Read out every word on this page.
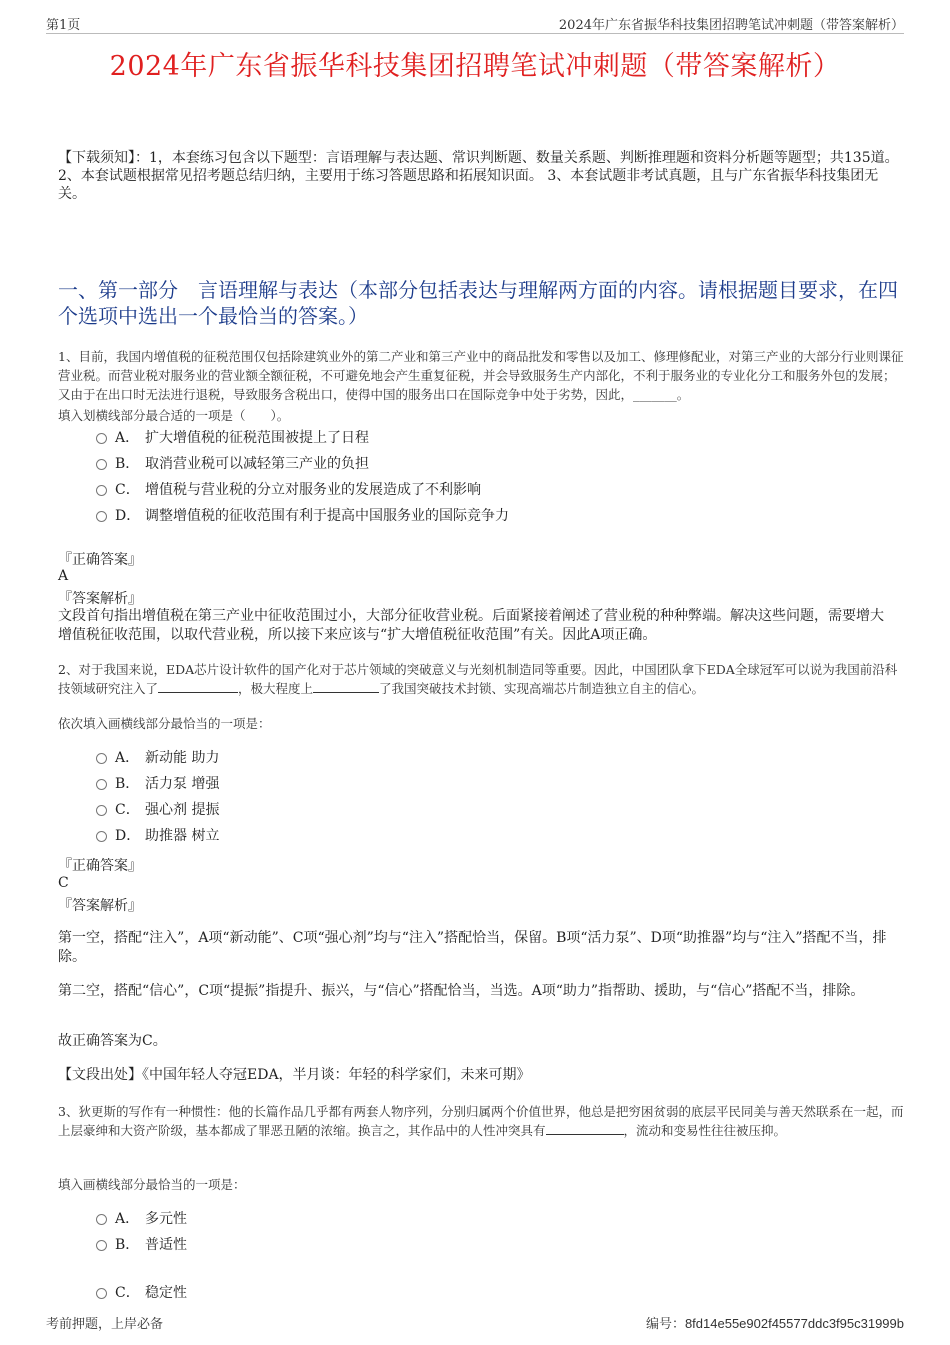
第1页	2024年广东省振华科技集团招聘笔试冲刺题（带答案解析）
2024年广东省振华科技集团招聘笔试冲刺题（带答案解析）
【下载须知】：1，本套练习包含以下题型：言语理解与表达题、常识判断题、数量关系题、判断推理题和资料分析题等题型；共135道。 2、本套试题根据常见招考题总结归纳，主要用于练习答题思路和拓展知识面。 3、本套试题非考试真题，且与广东省振华科技集团无关。
一、第一部分　言语理解与表达（本部分包括表达与理解两方面的内容。请根据题目要求，在四个选项中选出一个最恰当的答案。）
1、目前，我国内增值税的征税范围仅包括除建筑业外的第二产业和第三产业中的商品批发和零售以及加工、修理修配业，对第三产业的大部分行业则课征营业税。而营业税对服务业的营业额全额征税，不可避免地会产生重复征税，并会导致服务生产内部化，不利于服务业的专业化分工和服务外包的发展；又由于在出口时无法进行退税，导致服务含税出口，使得中国的服务出口在国际竞争中处于劣势，因此，_______。
填入划横线部分最合适的一项是（　　）。
A． 扩大增值税的征税范围被提上了日程
B． 取消营业税可以减轻第三产业的负担
C． 增值税与营业税的分立对服务业的发展造成了不利影响
D． 调整增值税的征收范围有利于提高中国服务业的国际竞争力
『正确答案』
A
『答案解析』
文段首句指出增值税在第三产业中征收范围过小，大部分征收营业税。后面紧接着阐述了营业税的种种弊端。解决这些问题，需要增大增值税征收范围，以取代营业税，所以接下来应该与“扩大增值税征收范围”有关。因此A项正确。
2、对于我国来说，EDA芯片设计软件的国产化对于芯片领域的突破意义与光刻机制造同等重要。因此，中国团队拿下EDA全球冠军可以说为我国前沿科技领域研究注入了	，极大程度上	了我国突破技术封锁、实现高端芯片制造独立自主的信心。
依次填入画横线部分最恰当的一项是：
A． 新动能 助力
B． 活力泵 增强
C． 强心剂 提振
D． 助推器 树立
『正确答案』
C
『答案解析』
第一空，搭配“注入”，A项“新动能”、C项“强心剂”均与“注入”搭配恰当，保留。B项“活力泵”、D项“助推器”均与“注入”搭配不当，排除。
第二空，搭配“信心”，C项“提振”指提升、振兴，与“信心”搭配恰当，当选。A项“助力”指帮助、援助，与“信心”搭配不当，排除。
故正确答案为C。
【文段出处】《中国年轻人夺冠EDA，半月谈：年轻的科学家们，未来可期》
3、狄更斯的写作有一种惯性：他的长篇作品几乎都有两套人物序列，分别归属两个价值世界，他总是把穷困贫弱的底层平民同美与善天然联系在一起，而上层豪绅和大资产阶级，基本都成了罪恶丑陋的浓缩。换言之，其作品中的人性冲突具有	，流动和变易性往往被压抑。
填入画横线部分最恰当的一项是：
A． 多元性
B． 普适性
C． 稳定性
考前押题，上岸必备	编号：8fd14e55e902f45577ddc3f95c31999b
